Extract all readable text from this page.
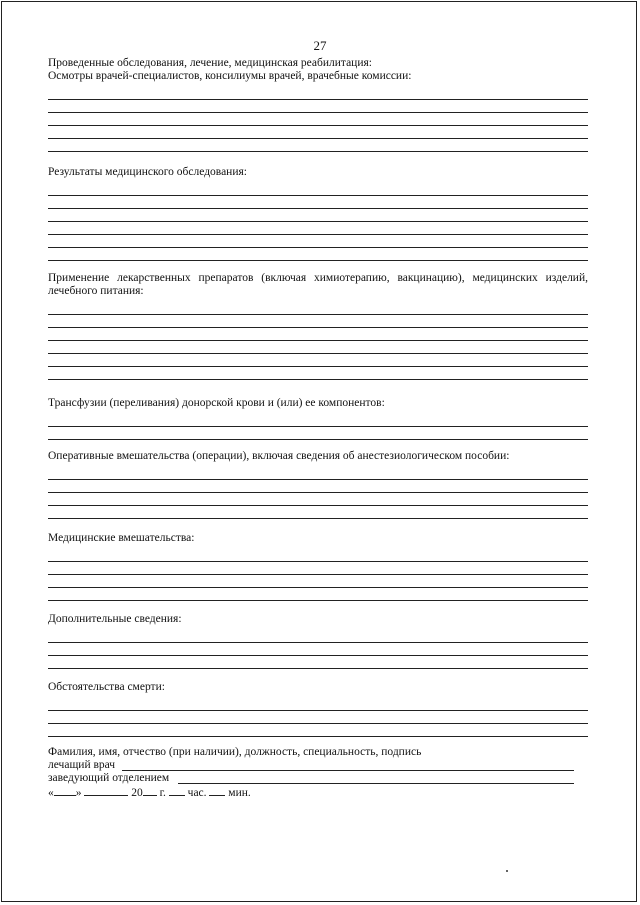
27

Проведенные обследования, лечение, медицинская реабилитация:

Осмотры врачей-специалистов, консилиумы врачей, врачебные комиссии:

Результаты медицинского обследования:

Применение лекарственных препаратов (включая химиотерапию, вакцинацию), медицинских изделий, лечебного питания:

Трансфузии (переливания) донорской крови и (или) ее компонентов:

Оперативные вмешательства (операции), включая сведения об анестезиологическом пособии:

Медицинские вмешательства:

Дополнительные сведения:

Обстоятельства смерти:

Фамилия, имя, отчество (при наличии), должность, специальность, подпись
лечащий врач
заведующий отделением
« »	20 г. час. мин.
